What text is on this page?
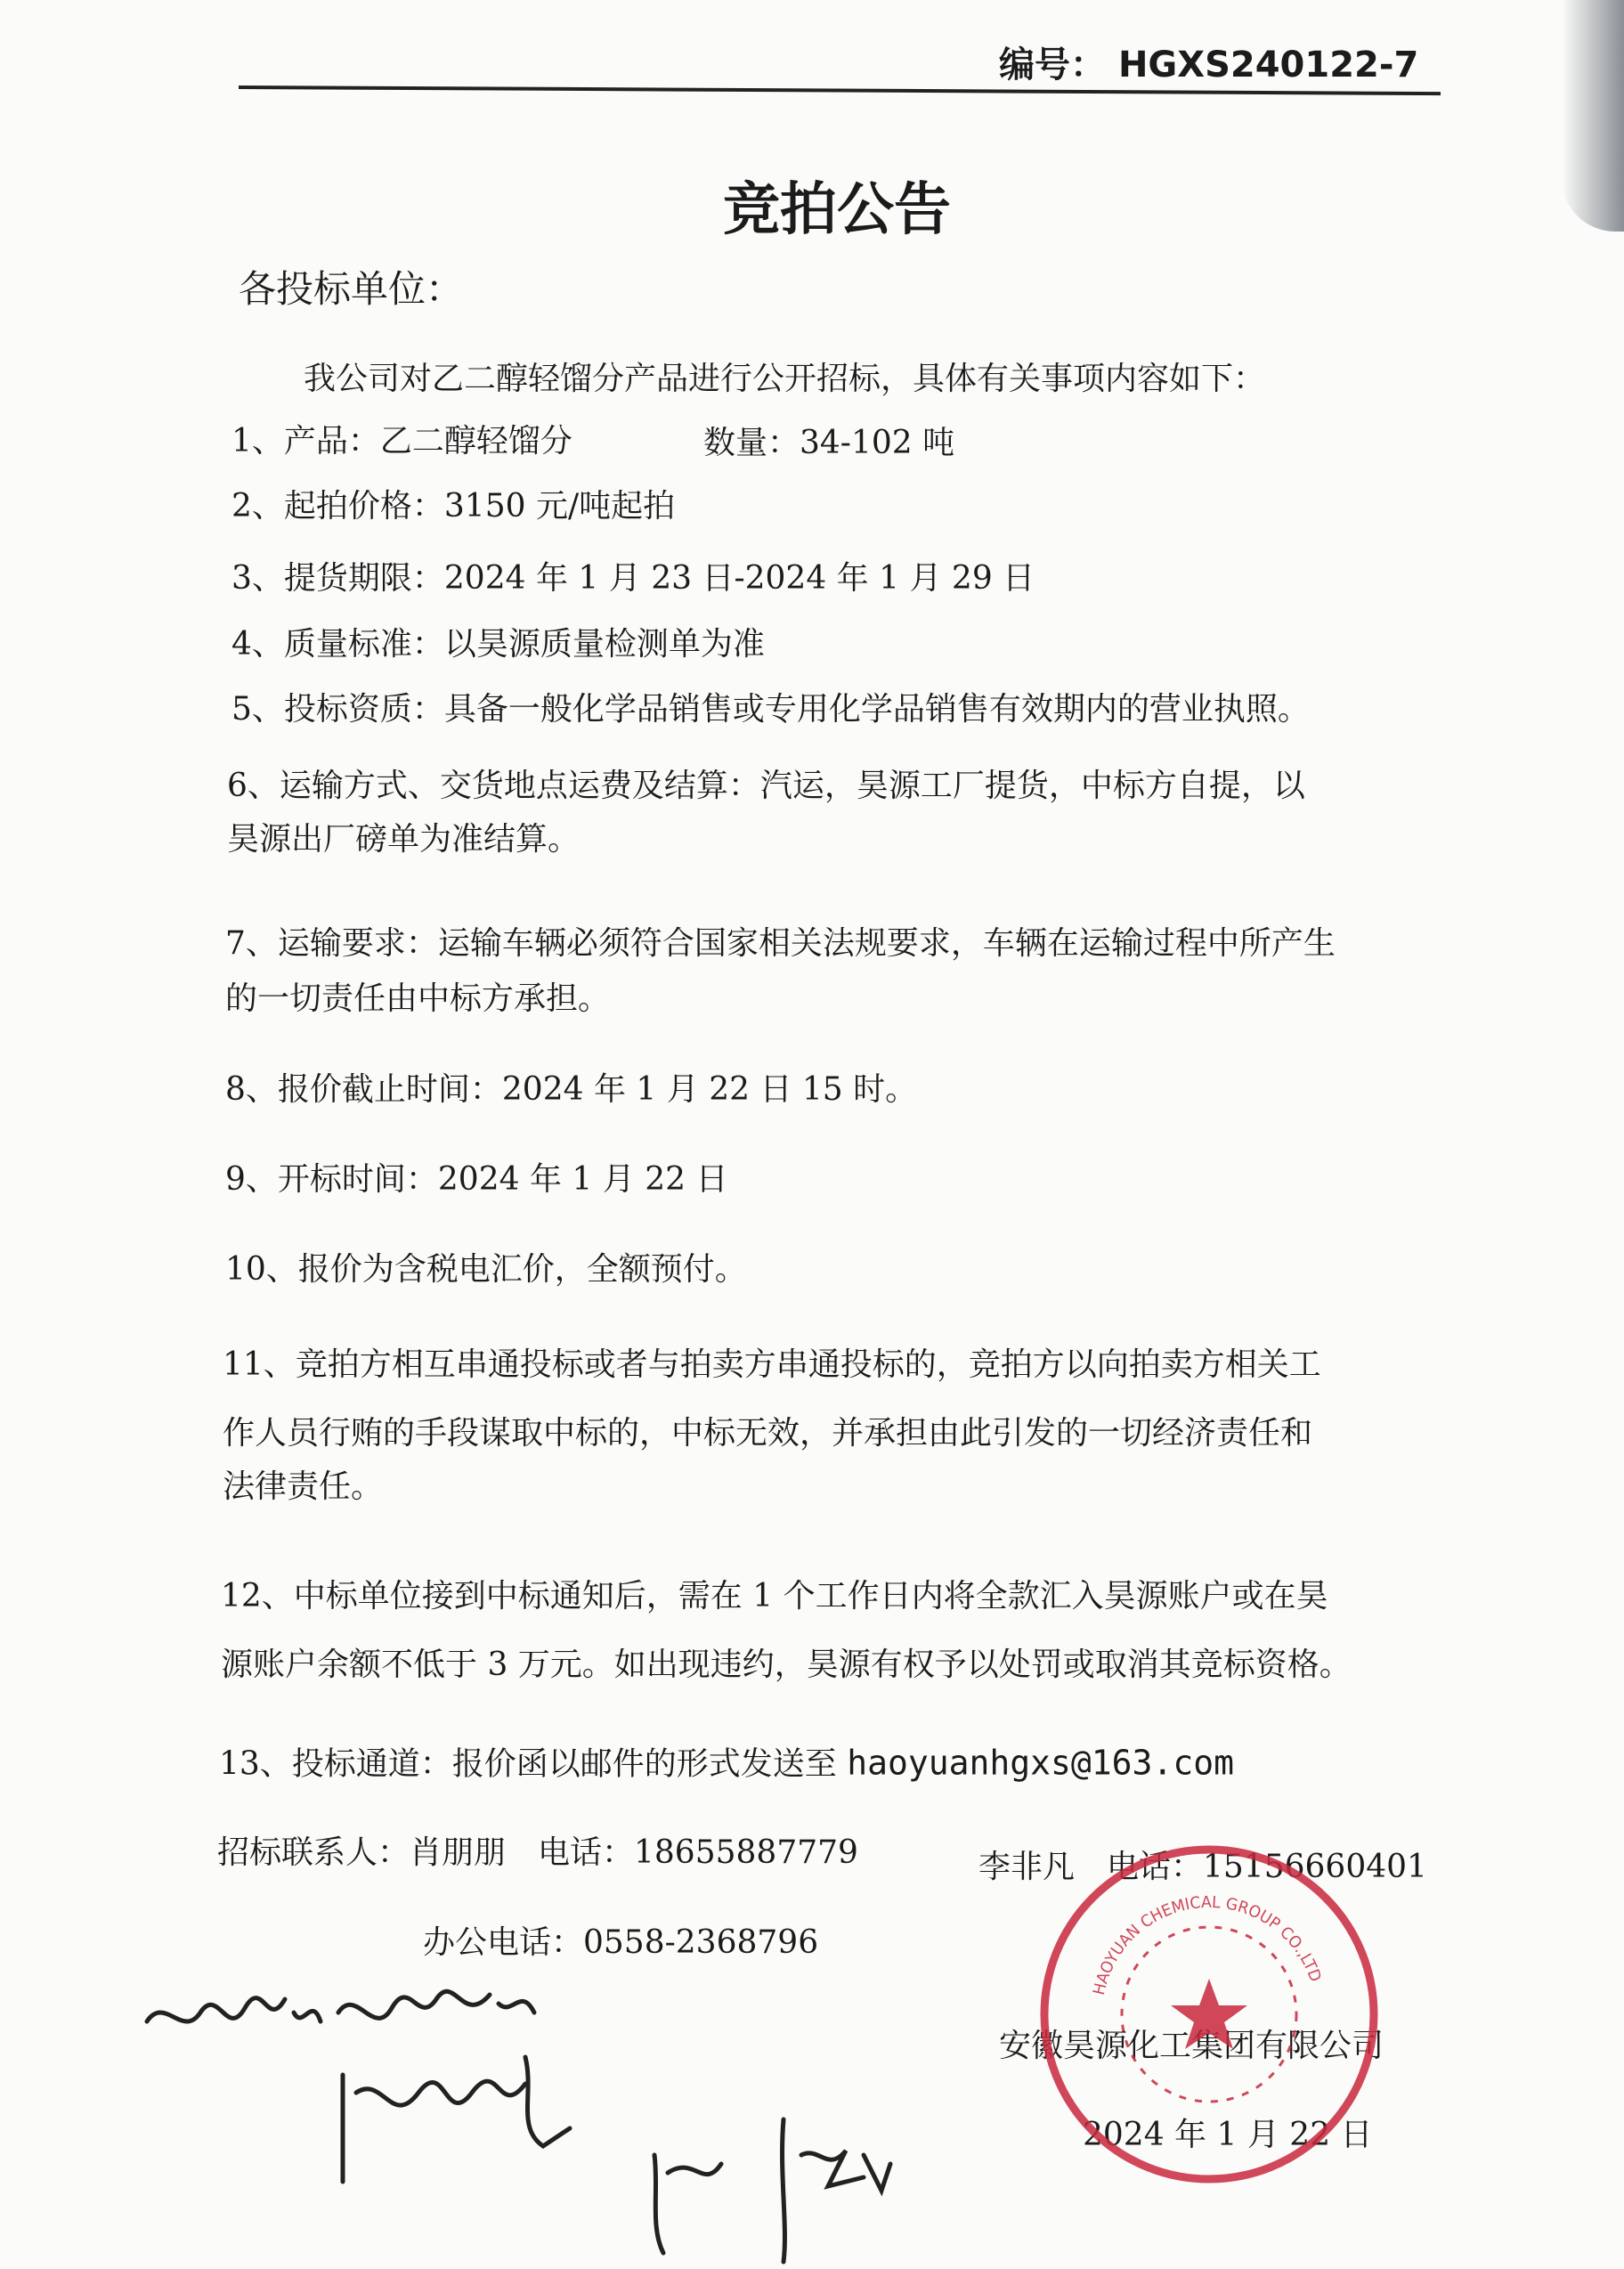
编号： HGXS240122-7
竞拍公告
各投标单位：
我公司对乙二醇轻馏分产品进行公开招标，具体有关事项内容如下：
1、产品：乙二醇轻馏分	数量：34-102 吨
2、起拍价格：3150 元/吨起拍
3、提货期限：2024 年 1 月 23 日-2024 年 1 月 29 日
4、质量标准：以昊源质量检测单为准
5、投标资质：具备一般化学品销售或专用化学品销售有效期内的营业执照。
6、运输方式、交货地点运费及结算：汽运，昊源工厂提货，中标方自提，以
昊源出厂磅单为准结算。
7、运输要求：运输车辆必须符合国家相关法规要求，车辆在运输过程中所产生
的一切责任由中标方承担。
8、报价截止时间：2024 年 1 月 22 日 15 时。
9、开标时间：2024 年 1 月 22 日
10、报价为含税电汇价，全额预付。
11、竞拍方相互串通投标或者与拍卖方串通投标的，竞拍方以向拍卖方相关工
作人员行贿的手段谋取中标的，中标无效，并承担由此引发的一切经济责任和
法律责任。
12、中标单位接到中标通知后，需在 1 个工作日内将全款汇入昊源账户或在昊
源账户余额不低于 3 万元。如出现违约，昊源有权予以处罚或取消其竞标资格。
13、投标通道：报价函以邮件的形式发送至 haoyuanhgxs@163.com
招标联系人：肖朋朋　电话：18655887779	李非凡　电话：15156660401
办公电话：0558-2368796
安徽昊源化工集团有限公司
2024 年 1 月 22 日
HAOYUAN CHEMICAL GROUP CO.,LTD
